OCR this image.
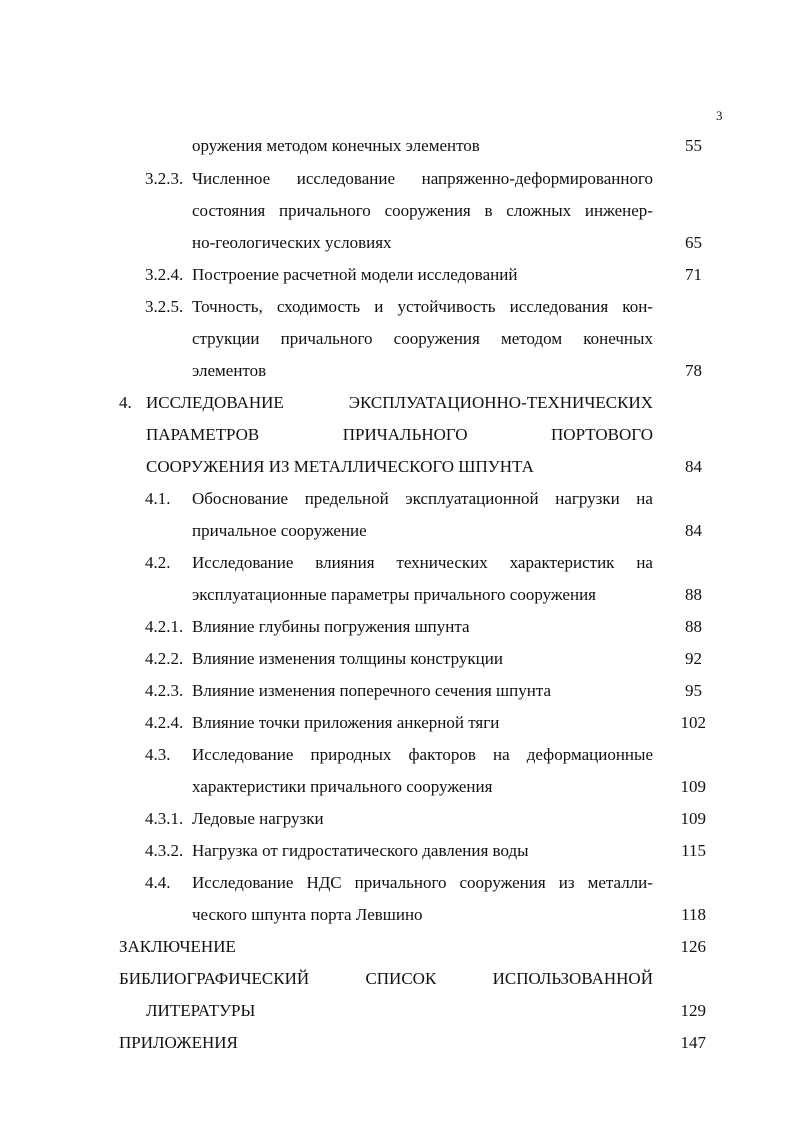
3
оружения методом конечных элементов	55
3.2.3. Численное исследование напряженно-деформированного
состояния причального сооружения в сложных инженер-
но-геологических условиях	65
3.2.4. Построение расчетной модели исследований	71
3.2.5. Точность, сходимость и устойчивость исследования кон-
струкции причального сооружения методом конечных
элементов	78
4. ИССЛЕДОВАНИЕ	ЭКСПЛУАТАЦИОННО-ТЕХНИЧЕСКИХ
ПАРАМЕТРОВ	ПРИЧАЛЬНОГО	ПОРТОВОГО
СООРУЖЕНИЯ ИЗ МЕТАЛЛИЧЕСКОГО ШПУНТА	84
4.1. Обоснование предельной эксплуатационной нагрузки на
причальное сооружение	84
4.2. Исследование влияния технических характеристик на
эксплуатационные параметры причального сооружения	88
4.2.1. Влияние глубины погружения шпунта	88
4.2.2. Влияние изменения толщины конструкции	92
4.2.3. Влияние изменения поперечного сечения шпунта	95
4.2.4. Влияние точки приложения анкерной тяги	102
4.3. Исследование природных факторов на деформационные
характеристики причального сооружения	109
4.3.1. Ледовые нагрузки	109
4.3.2. Нагрузка от гидростатического давления воды	115
4.4. Исследование НДС причального сооружения из металли-
ческого шпунта порта Левшино	118
ЗАКЛЮЧЕНИЕ	126
БИБЛИОГРАФИЧЕСКИЙ	СПИСОК	ИСПОЛЬЗОВАННОЙ
ЛИТЕРАТУРЫ	129
ПРИЛОЖЕНИЯ	147
